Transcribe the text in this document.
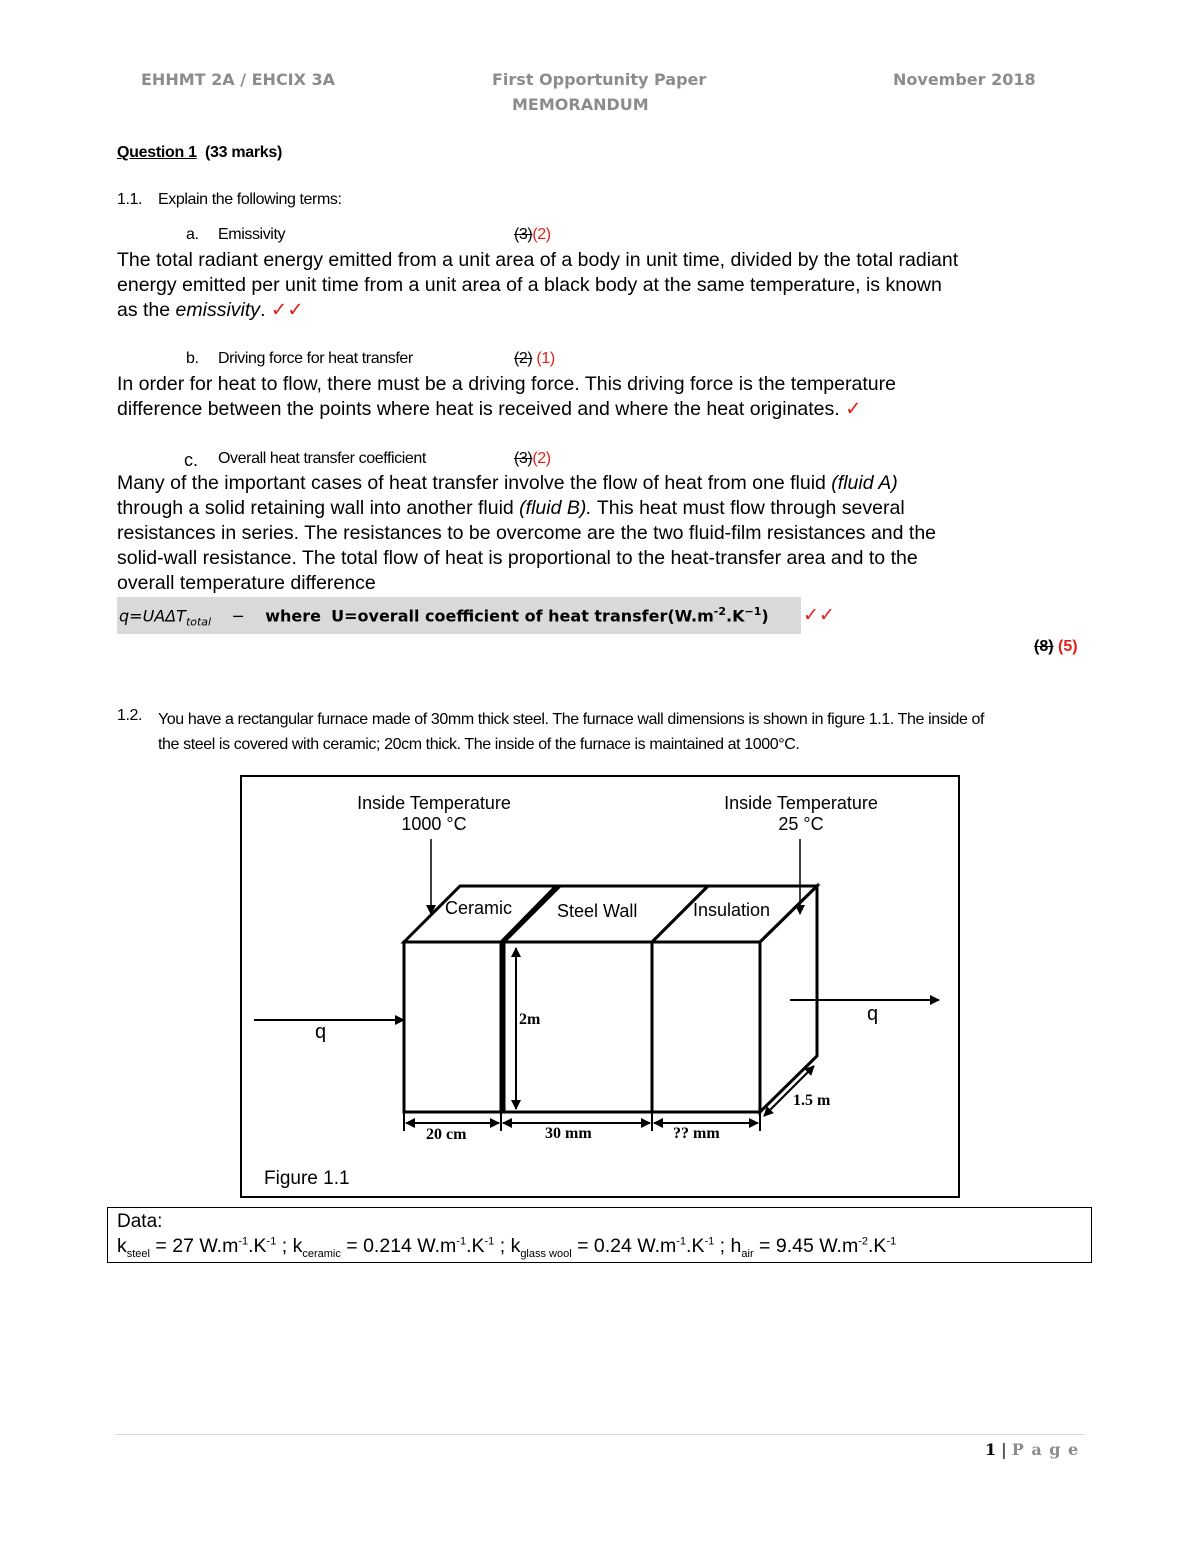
EHHMT 2A / EHCIX 3A	First Opportunity Paper
MEMORANDUM
November 2018
Question 1 (33 marks)
1.1. Explain the following terms:
a. Emissivity	(3)(2)
The total radiant energy emitted from a unit area of a body in unit time, divided by the total radiant
energy emitted per unit time from a unit area of a black body at the same temperature, is known
as the emissivity. ✓✓
b. Driving force for heat transfer	(2) (1)
In order for heat to flow, there must be a driving force. This driving force is the temperature
difference between the points where heat is received and where the heat originates. ✓
c. Overall heat transfer coefficient	(3)(2)
Many of the important cases of heat transfer involve the flow of heat from one fluid (fluid A)
through a solid retaining wall into another fluid (fluid B). This heat must flow through several
resistances in series. The resistances to be overcome are the two fluid-film resistances and the
solid-wall resistance. The total flow of heat is proportional to the heat-transfer area and to the
overall temperature difference
$q=UA\Delta T_{total}$ − where U=overall coefficient of heat $transfer(W.m^{-2}.K^{-1})$ ✓✓
(8) (5)
1.2. You have a rectangular furnace made of 30mm thick steel. The furnace wall dimensions is shown in figure 1.1. The inside of
the steel is covered with ceramic; 20cm thick. The inside of the furnace is maintained at 1000°C.
Inside Temperature
1000 °C
Inside Temperature
25 °C
Ceramic Steel Wall	Insulation
q
q
2m
1.5 m
20 cm	30 mm	?? mm
Figure 1.1
Data:
$k_{steel} = 27$ $W.m^{-1}.K^{-1}$ ; $k_{ceramic} = 0.214$ $W.m^{-1}.K^{-1}$ ; $k_{glass wool} = 0.24$ $W.m^{-1}.K^{-1}$ ; $h_{air} = 9.45$ $W.m^{-2}.K^{-1}$
1 | P a g e
